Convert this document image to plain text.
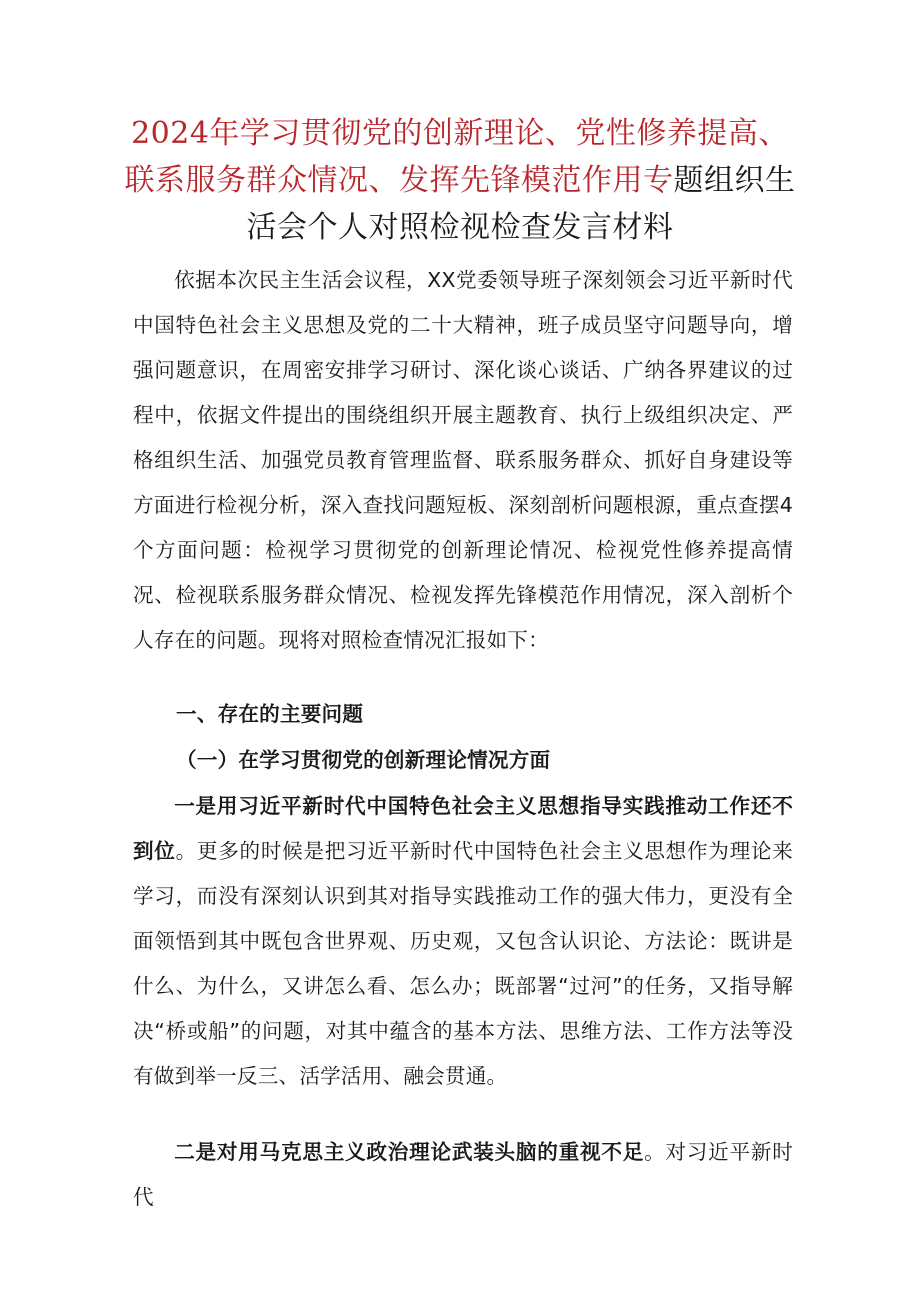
2024年学习贯彻党的创新理论、党性修养提高、联系服务群众情况、发挥先锋模范作用专题组织生活会个人对照检视检查发言材料

依据本次民主生活会议程，XX党委领导班子深刻领会习近平新时代中国特色社会主义思想及党的二十大精神，班子成员坚守问题导向，增强问题意识，在周密安排学习研讨、深化谈心谈话、广纳各界建议的过程中，依据文件提出的围绕组织开展主题教育、执行上级组织决定、严格组织生活、加强党员教育管理监督、联系服务群众、抓好自身建设等方面进行检视分析，深入查找问题短板、深刻剖析问题根源，重点查摆4个方面问题：检视学习贯彻党的创新理论情况、检视党性修养提高情况、检视联系服务群众情况、检视发挥先锋模范作用情况，深入剖析个人存在的问题。现将对照检查情况汇报如下：

一、存在的主要问题

（一）在学习贯彻党的创新理论情况方面

一是用习近平新时代中国特色社会主义思想指导实践推动工作还不到位。更多的时候是把习近平新时代中国特色社会主义思想作为理论来学习，而没有深刻认识到其对指导实践推动工作的强大伟力，更没有全面领悟到其中既包含世界观、历史观，又包含认识论、方法论：既讲是什么、为什么，又讲怎么看、怎么办；既部署“过河”的任务，又指导解决“桥或船”的问题，对其中蕴含的基本方法、思维方法、工作方法等没有做到举一反三、活学活用、融会贯通。

二是对用马克思主义政治理论武装头脑的重视不足。对习近平新时代
